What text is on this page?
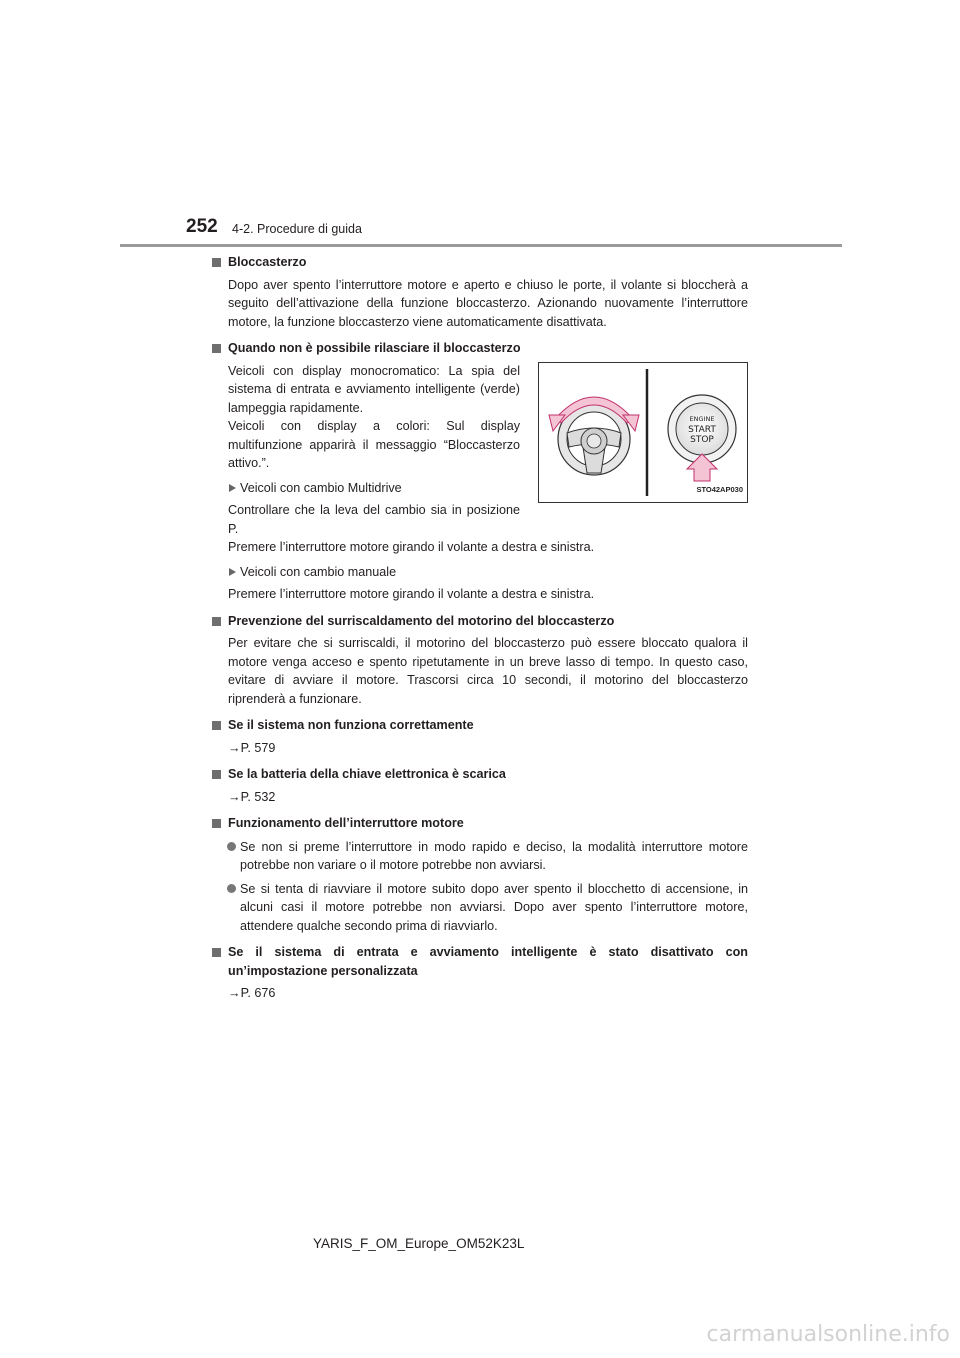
252 4-2. Procedure di guida
Bloccasterzo
Dopo aver spento l’interruttore motore e aperto e chiuso le porte, il volante si bloccherà a seguito dell’attivazione della funzione bloccasterzo. Azionando nuovamente l’interruttore motore, la funzione bloccasterzo viene automaticamente disattivata.
Quando non è possibile rilasciare il bloccasterzo
ENGINE
START
STOP
STO42AP030
Veicoli con display monocromatico: La spia del sistema di entrata e avviamento intelligente (verde) lampeggia rapidamente.
Veicoli con display a colori: Sul display multifunzione apparirà il messaggio “Bloccasterzo attivo.”.
Veicoli con cambio Multidrive
Controllare che la leva del cambio sia in posizione P.
Premere l’interruttore motore girando il volante a destra e sinistra.
Veicoli con cambio manuale
Premere l’interruttore motore girando il volante a destra e sinistra.
Prevenzione del surriscaldamento del motorino del bloccasterzo
Per evitare che si surriscaldi, il motorino del bloccasterzo può essere bloccato qualora il motore venga acceso e spento ripetutamente in un breve lasso di tempo. In questo caso, evitare di avviare il motore. Trascorsi circa 10 secondi, il motorino del bloccasterzo riprenderà a funzionare.
Se il sistema non funziona correttamente
→P. 579
Se la batteria della chiave elettronica è scarica
→P. 532
Funzionamento dell’interruttore motore
Se non si preme l’interruttore in modo rapido e deciso, la modalità interruttore motore potrebbe non variare o il motore potrebbe non avviarsi.
Se si tenta di riavviare il motore subito dopo aver spento il blocchetto di accensione, in alcuni casi il motore potrebbe non avviarsi. Dopo aver spento l’interruttore motore, attendere qualche secondo prima di riavviarlo.
Se il sistema di entrata e avviamento intelligente è stato disattivato con un’impostazione personalizzata
→P. 676
YARIS_F_OM_Europe_OM52K23L
carmanualsonline.info
